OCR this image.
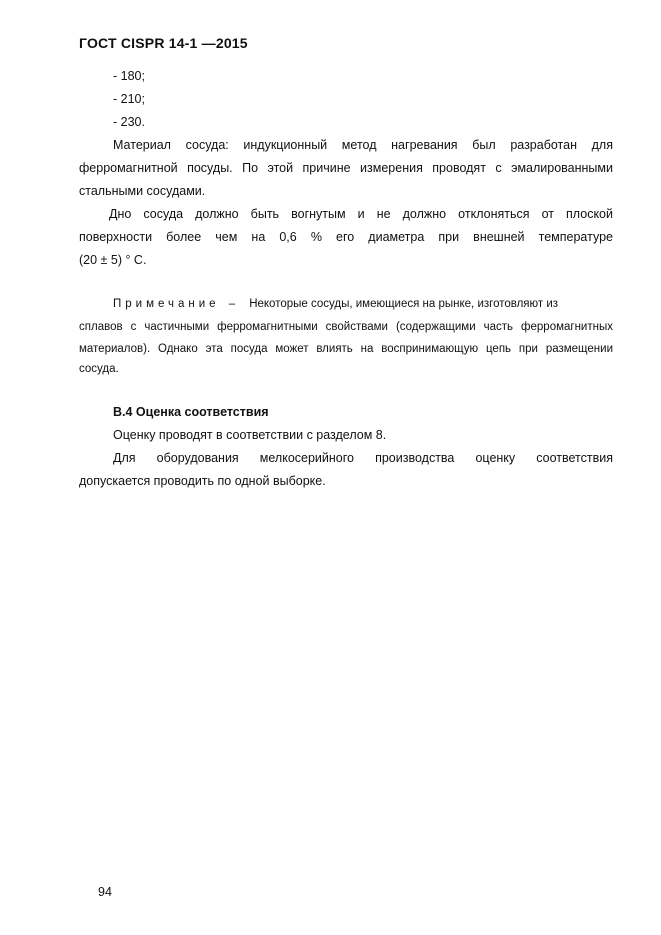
ГОСТ CISPR 14-1 —2015
- 180;
- 210;
- 230.
Материал сосуда: индукционный метод нагревания был разработан для
ферромагнитной посуды. По этой причине измерения проводят с эмалированными
стальными сосудами.
Дно сосуда должно быть вогнутым и не должно отклоняться от плоской
поверхности более чем на 0,6 % его диаметра при внешней температуре
(20 ± 5) ° С.
Примечание – Некоторые сосуды, имеющиеся на рынке, изготовляют из
сплавов с частичными ферромагнитными свойствами (содержащими часть ферромагнитных
материалов). Однако эта посуда может влиять на воспринимающую цепь при размещении
сосуда.
В.4 Оценка соответствия
Оценку проводят в соответствии с разделом 8.
Для оборудования мелкосерийного производства оценку соответствия
допускается проводить по одной выборке.
94
